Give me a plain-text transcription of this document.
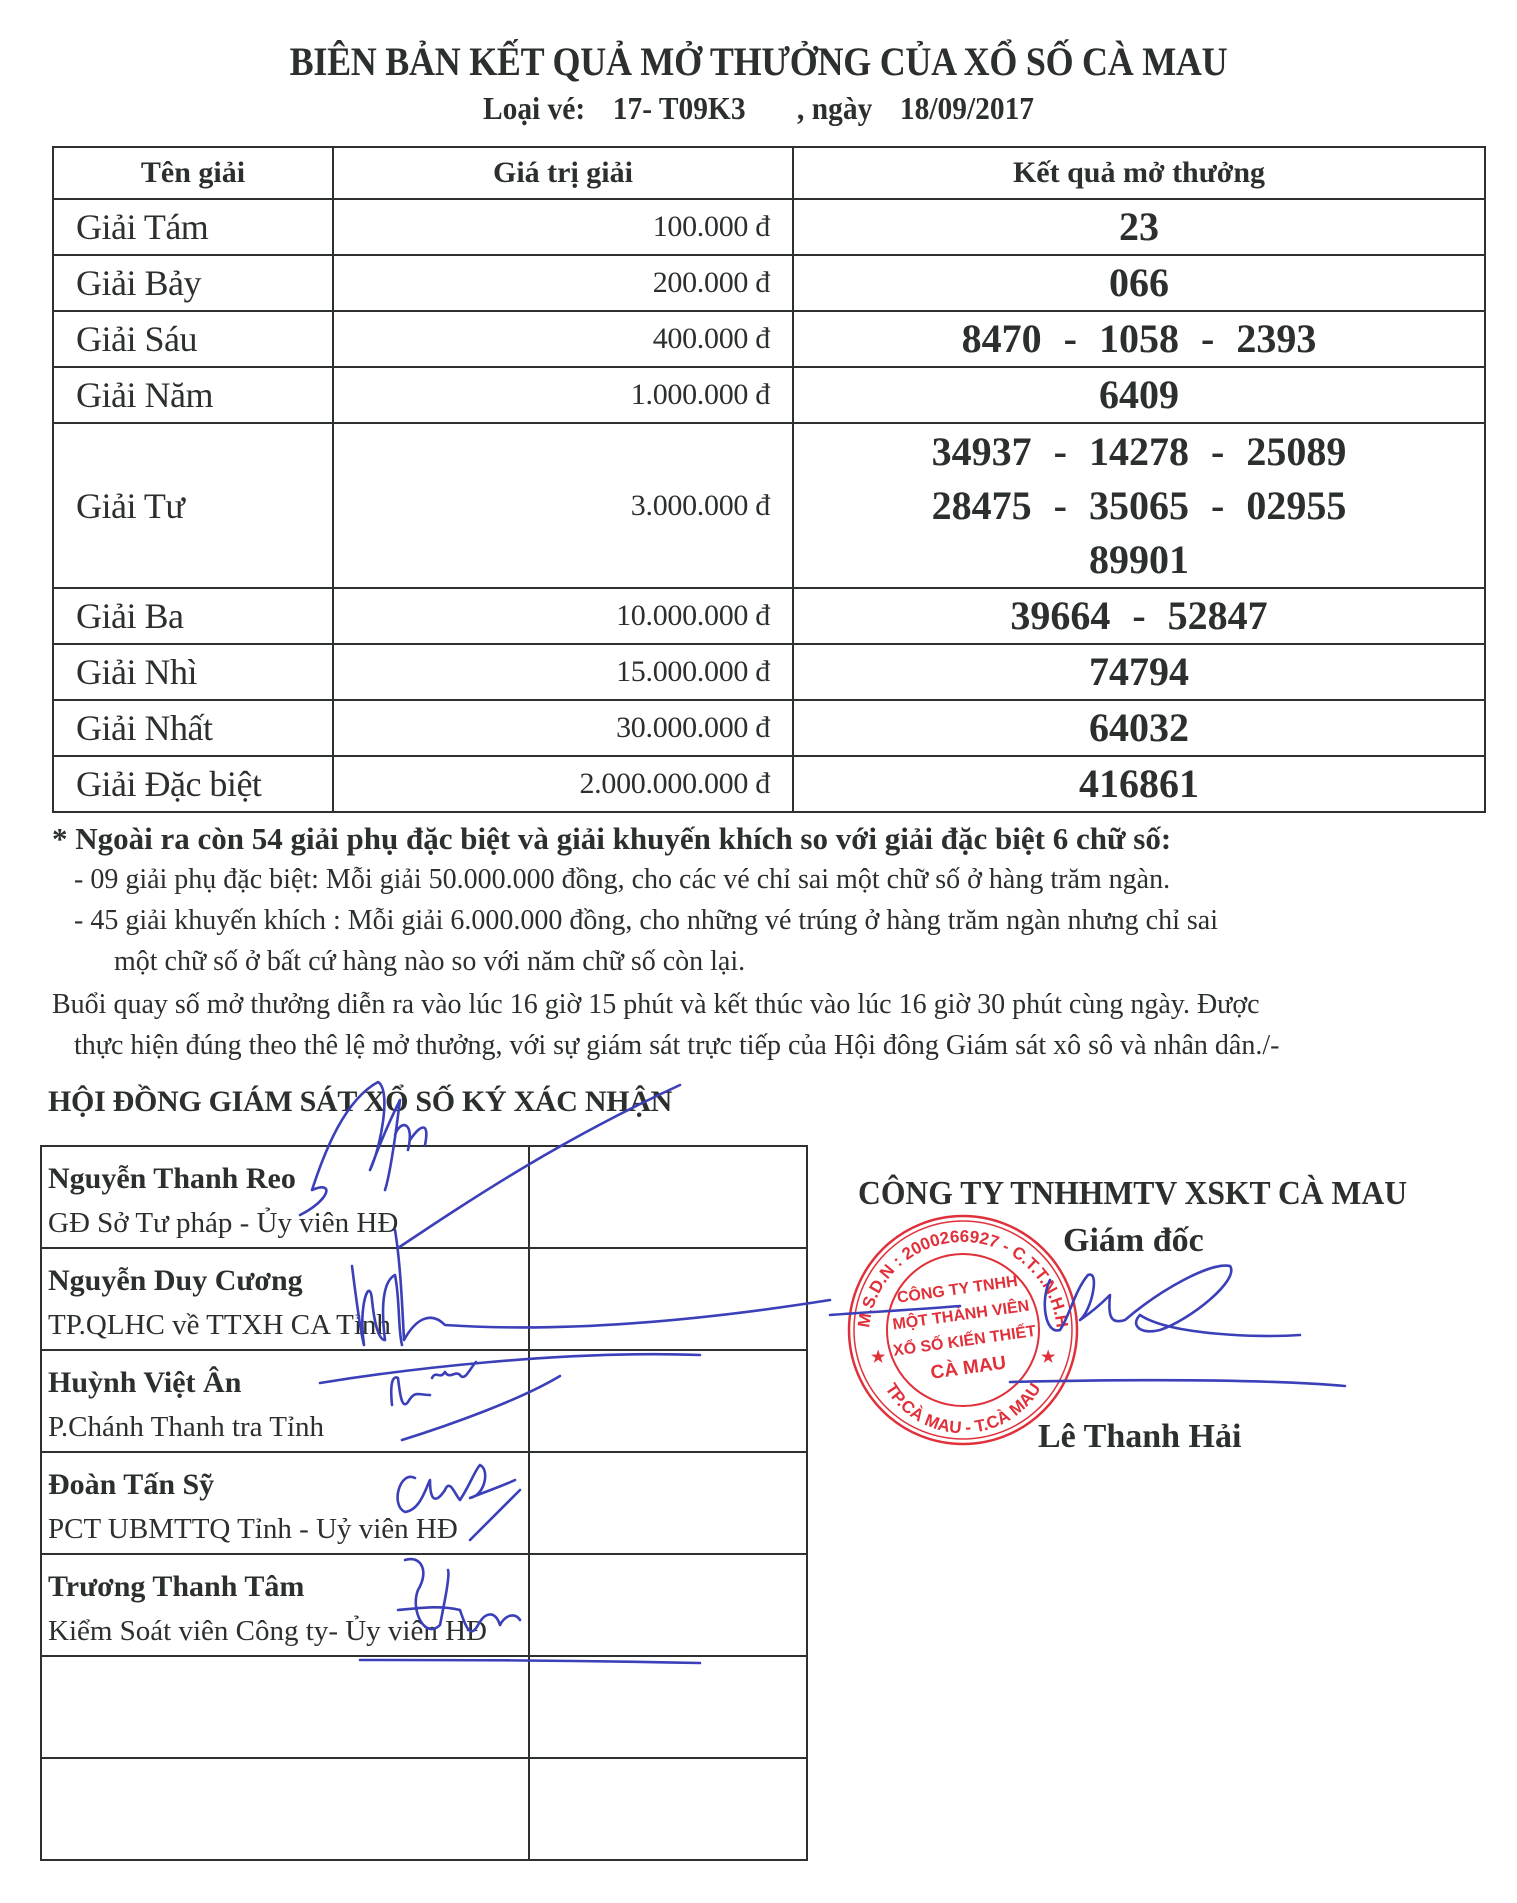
BIÊN BẢN KẾT QUẢ MỞ THƯỞNG CỦA XỔ SỐ CÀ MAU
Loại vé: 17- T09K3 , ngày 18/09/2017
Tên giải	Giá trị giải	Kết quả mở thưởng
Giải Tám	100.000 đ	23

Giải Bảy	200.000 đ	066

Giải Sáu	400.000 đ	8470 - 1058 - 2393

Giải Năm	1.000.000 đ	6409

Giải Tư	3.000.000 đ	34937 - 14278 - 25089
28475 - 35065 - 02955
89901

Giải Ba	10.000.000 đ	39664 - 52847

Giải Nhì	15.000.000 đ	74794

Giải Nhất	30.000.000 đ	64032

Giải Đặc biệt	2.000.000.000 đ	416861
* Ngoài ra còn 54 giải phụ đặc biệt và giải khuyến khích so với giải đặc biệt 6 chữ số:
- 09 giải phụ đặc biệt: Mỗi giải 50.000.000 đồng, cho các vé chỉ sai một chữ số ở hàng trăm ngàn.
- 45 giải khuyến khích : Mỗi giải 6.000.000 đồng, cho những vé trúng ở hàng trăm ngàn nhưng chỉ sai
một chữ số ở bất cứ hàng nào so với năm chữ số còn lại.
Buổi quay số mở thưởng diễn ra vào lúc 16 giờ 15 phút và kết thúc vào lúc 16 giờ 30 phút cùng ngày. Được
thực hiện đúng theo thê lệ mở thưởng, với sự giám sát trực tiếp của Hội đông Giám sát xô sô và nhân dân./-
HỘI ĐỒNG GIÁM SÁT XỔ SỐ KÝ XÁC NHẬN
Nguyễn Thanh Reo
GĐ Sở Tư pháp - Ủy viên HĐ	

Nguyễn Duy Cương
TP.QLHC về TTXH CA Tỉnh	

Huỳnh Việt Ân
P.Chánh Thanh tra Tỉnh	

Đoàn Tấn Sỹ
PCT UBMTTQ Tỉnh - Uỷ viên HĐ	

Trương Thanh Tâm
Kiểm Soát viên Công ty- Ủy viên HĐ	

CÔNG TY TNHHMTV XSKT CÀ MAU
M.S.D.N : 2000266927 - C.T.T.N.H.H
TP.CÀ MAU - T.CÀ MAU
★	★
CÔNG TY TNHH
MỘT THÀNH VIÊN
XỔ SỐ KIẾN THIẾT
CÀ MAU
Giám đốc
Lê Thanh Hải
